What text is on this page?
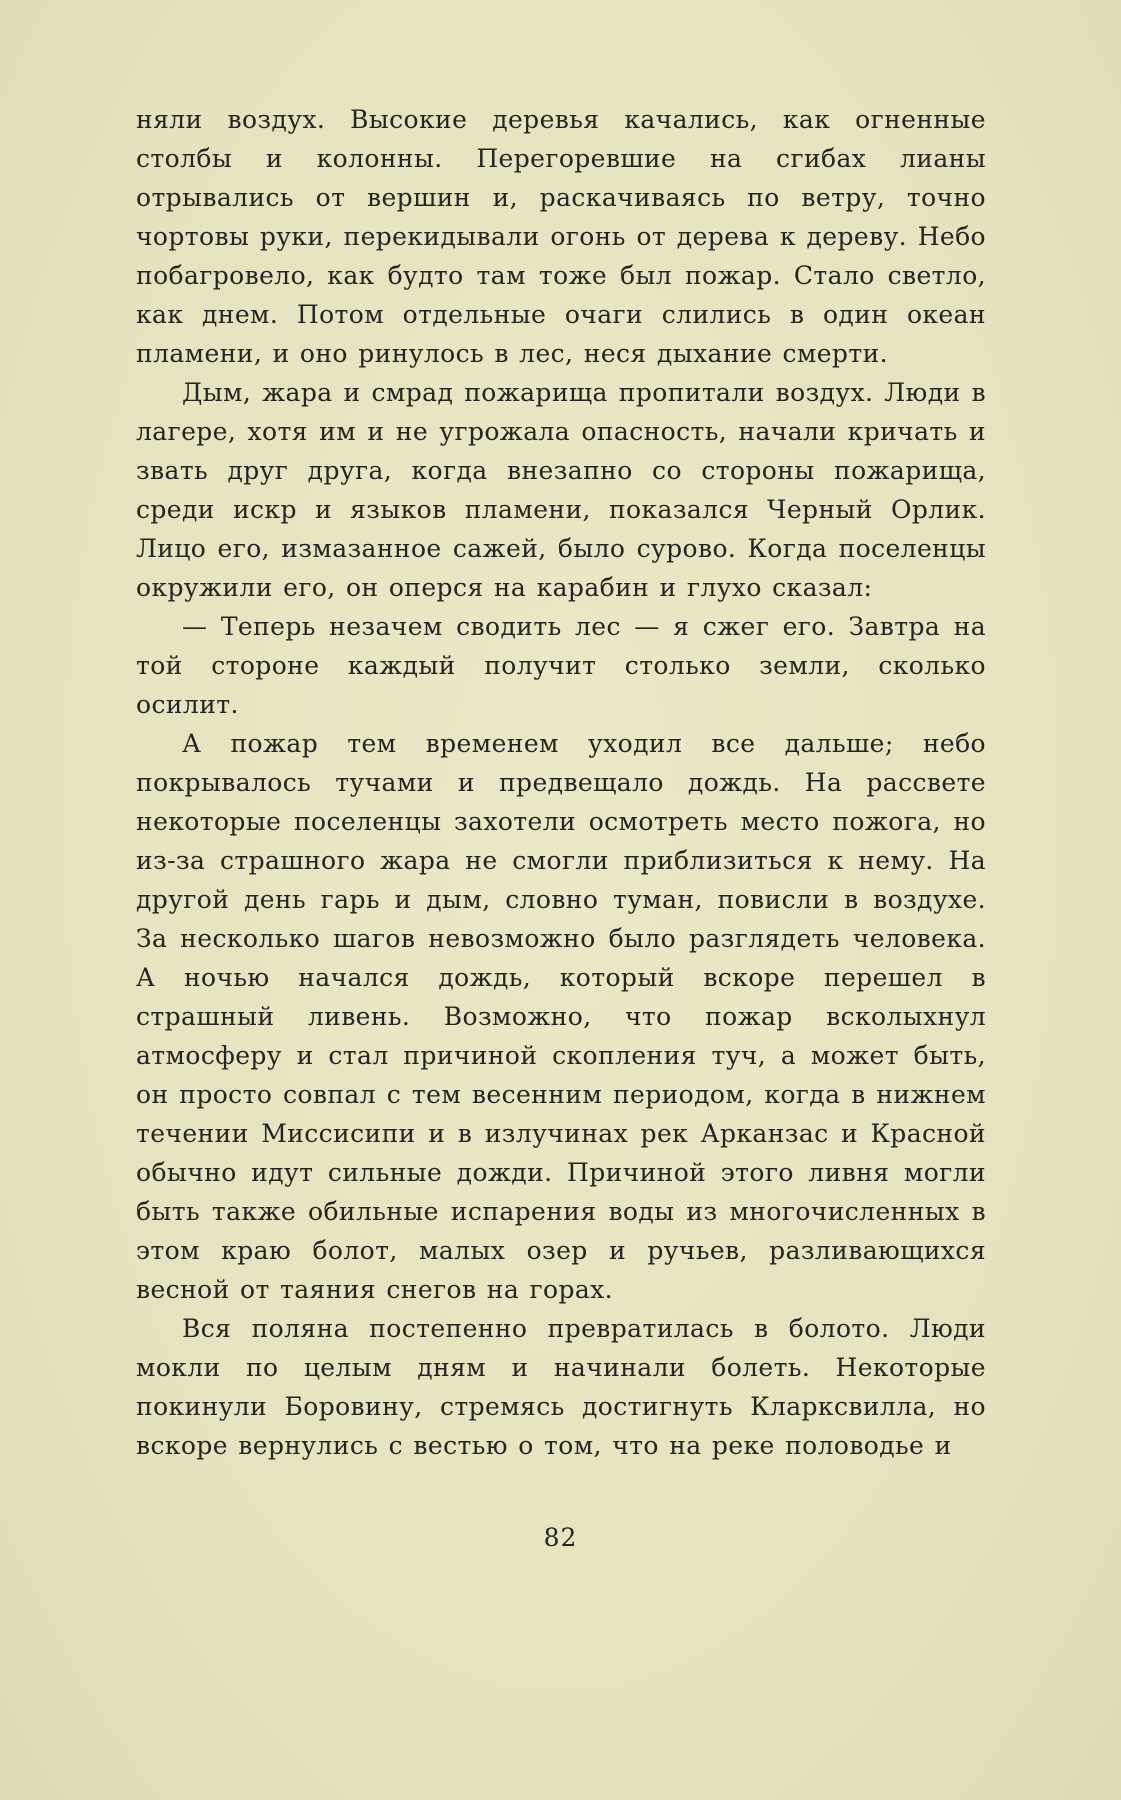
няли воздух. Высокие деревья качались, как огненные столбы и колонны. Перегоревшие на сгибах лианы отрывались от вершин и, раскачиваясь по ветру, точно чортовы руки, перекидывали огонь от дерева к дереву. Небо побагровело, как будто там тоже был пожар. Стало светло, как днем. Потом отдельные очаги слились в один океан пламени, и оно ринулось в лес, неся дыхание смерти.

Дым, жара и смрад пожарища пропитали воздух. Люди в лагере, хотя им и не угрожала опасность, начали кричать и звать друг друга, когда внезапно со стороны пожарища, среди искр и языков пламени, показался Черный Орлик. Лицо его, измазанное сажей, было сурово. Когда поселенцы окружили его, он оперся на карабин и глухо сказал:

— Теперь незачем сводить лес — я сжег его. Завтра на той стороне каждый получит столько земли, сколько осилит.

А пожар тем временем уходил все дальше; небо покрывалось тучами и предвещало дождь. На рассвете некоторые поселенцы захотели осмотреть место пожога, но из-за страшного жара не смогли приблизиться к нему. На другой день гарь и дым, словно туман, повисли в воздухе. За несколько шагов невозможно было разглядеть человека. А ночью начался дождь, который вскоре перешел в страшный ливень. Возможно, что пожар всколыхнул атмосферу и стал причиной скопления туч, а может быть, он просто совпал с тем весенним периодом, когда в нижнем течении Миссисипи и в излучинах рек Арканзас и Красной обычно идут сильные дожди. Причиной этого ливня могли быть также обильные испарения воды из многочисленных в этом краю болот, малых озер и ручьев, разливающихся весной от таяния снегов на горах.

Вся поляна постепенно превратилась в болото. Люди мокли по целым дням и начинали болеть. Некоторые покинули Боровину, стремясь достигнуть Кларксвилла, но вскоре вернулись с вестью о том, что на реке половодье и

82
